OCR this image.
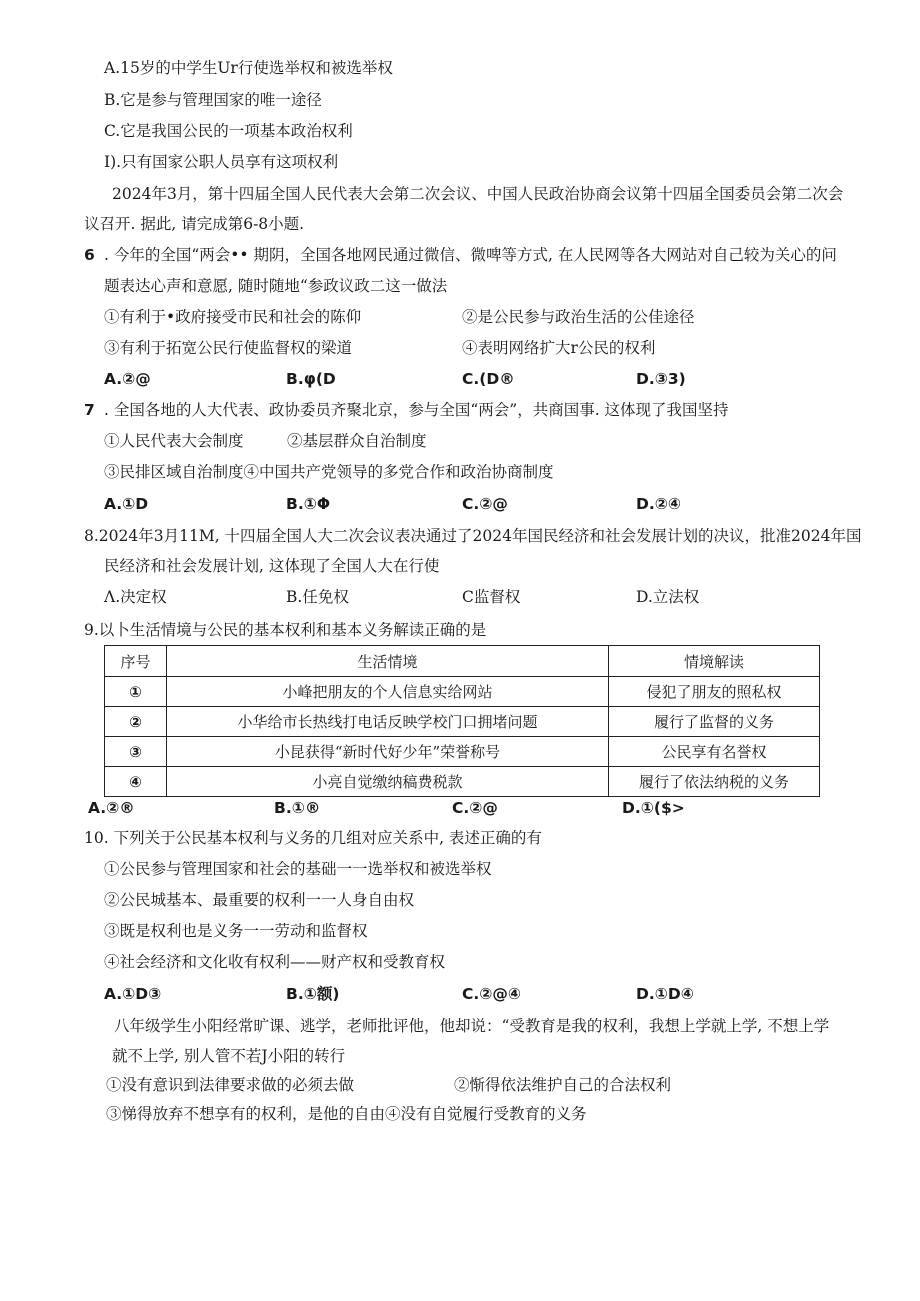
A.15岁的中学生Ur行使选举权和被选举权
B.它是参与管理国家的唯一途径
C.它是我国公民的一项基本政治权利
I).只有国家公职人员享有这项权利
2024年3月，第十四届全国人民代表大会第二次会议、中国人民政治协商会议第十四届全国委员会第二次会
议召开. 据此, 请完成第6-8小题.
6 . 今年的全国“两会•• 期阴，全国各地网民通过微信、微啤等方式, 在人民网等各大网站对自己较为关心的问
题表达心声和意愿, 随时随地“参政议政二这一做法
①有利于•政府接受市民和社会的陈仰	②是公民参与政治生活的公佳途径
③有利于拓宽公民行使监督权的梁道	④表明网络扩大r公民的权利
A.②@	B.φ(D	C.(D®	D.③3)
7 . 全国各地的人大代表、政协委员齐聚北京，参与全国“两会”，共商国事. 这体现了我国坚持
①人民代表大会制度	②基层群众自治制度
③民排区域自治制度④中国共产党领导的多党合作和政治协商制度
A.①D	B.①Φ	C.②@	D.②④
8.2024年3月11M, 十四届全国人大二次会议表决通过了2024年国民经济和社会发展计划的决议，批准2024年国
民经济和社会发展计划, 这体现了全国人大在行使
Λ.决定权	B.任免权	C监督权	D.立法权
9.以卜生活情境与公民的基本权利和基本义务解读正确的是
序号	生活情境	情境解读
①	小峰把朋友的个人信息实给网站	侵犯了朋友的照私权
②	小华给市长热线打电话反映学校门口拥堵问题	履行了监督的义务
③	小昆获得“新时代好少年”荣誉称号	公民享有名誉权
④	小亮自觉缴纳稿费税款	履行了依法纳税的义务
A.②®	B.①®	C.②@	D.①($>
10. 下列关于公民基本权利与义务的几组对应关系中, 表述正确的有
①公民参与管理国家和社会的基础一一选举权和被选举权
②公民城基本、最重要的权利一一人身自由权
③既是权利也是义务一一劳动和监督权
④社会经济和文化收有权利——财产权和受教育权
A.①D③	B.①额)	C.②@④	D.①D④
八年级学生小阳经常旷课、逃学，老师批评他，他却说：“受教育是我的权利，我想上学就上学, 不想上学
就不上学, 别人管不若J小阳的转行
①没有意识到法律要求做的必须去做	②惭得依法维护自己的合法权利
③悌得放弃不想享有的权利，是他的自由④没有自觉履行受教育的义务
